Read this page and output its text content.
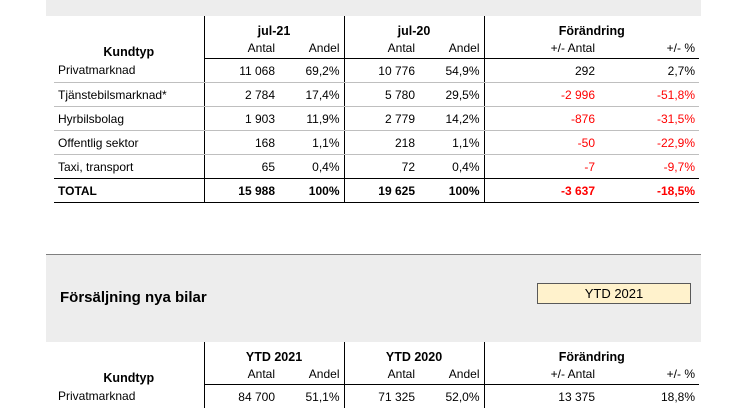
Kundtyp	jul-21		jul-20		Förändring	
	Antal	Andel	Antal	Andel	+/- Antal	+/- %
Privatmarknad	11 068	69,2%	10 776	54,9%	292	2,7%
Tjänstebilsmarknad*	2 784	17,4%	5 780	29,5%	-2 996	-51,8%
Hyrbilsbolag	1 903	11,9%	2 779	14,2%	-876	-31,5%
Offentlig sektor	168	1,1%	218	1,1%	-50	-22,9%
Taxi, transport	65	0,4%	72	0,4%	-7	-9,7%
TOTAL	15 988	100%	19 625	100%	-3 637	-18,5%
Försäljning nya bilar	YTD 2021
Kundtyp	YTD 2021		YTD 2020		Förändring	
	Antal	Andel	Antal	Andel	+/- Antal	+/- %
Privatmarknad	84 700	51,1%	71 325	52,0%	13 375	18,8%
